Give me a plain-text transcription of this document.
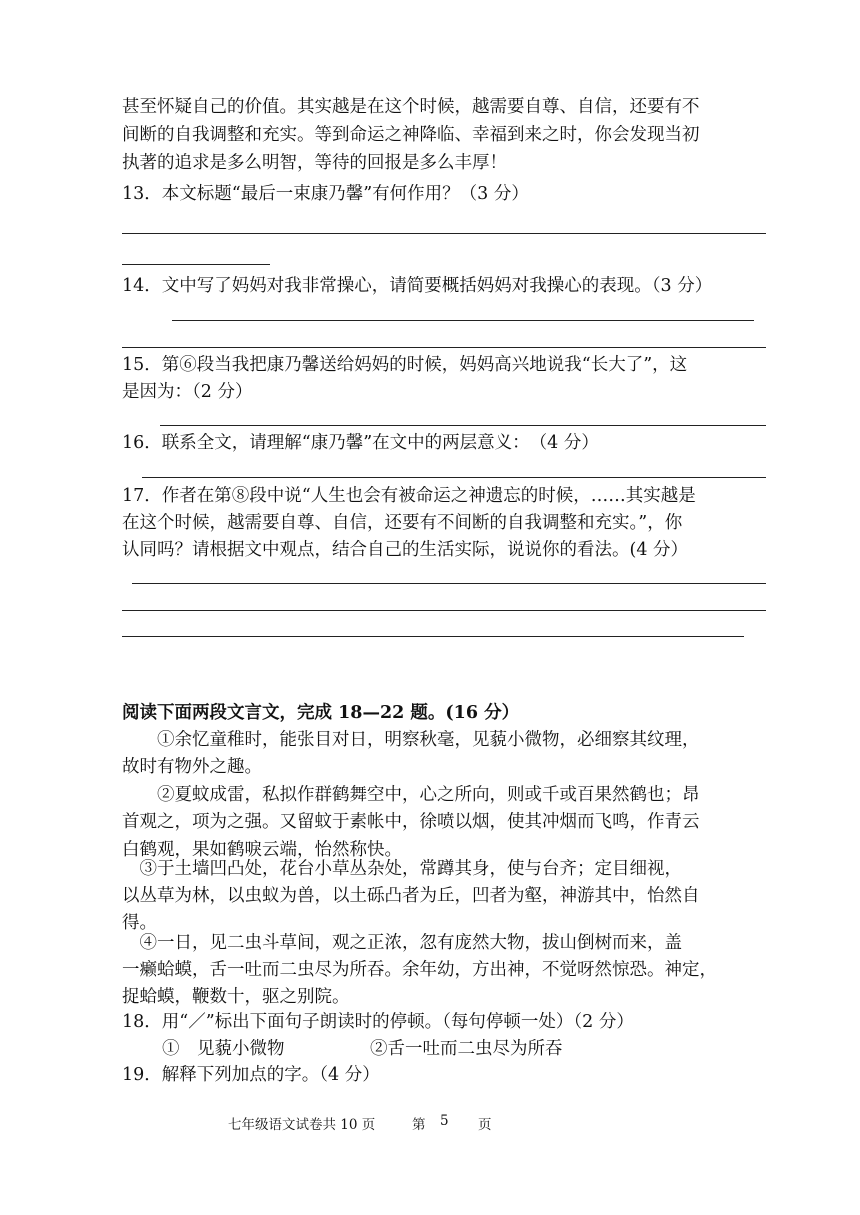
甚至怀疑自己的价值。其实越是在这个时候，越需要自尊、自信，还要有不
间断的自我调整和充实。等到命运之神降临、幸福到来之时，你会发现当初
执著的追求是多么明智，等待的回报是多么丰厚！
13．本文标题“最后一束康乃馨”有何作用？（3 分）
14．文中写了妈妈对我非常操心，请简要概括妈妈对我操心的表现。（3 分）
15．第⑥段当我把康乃馨送给妈妈的时候，妈妈高兴地说我“长大了”，这
是因为：（2 分）
16．联系全文，请理解“康乃馨”在文中的两层意义：　（4 分）
17．作者在第⑧段中说“人生也会有被命运之神遗忘的时候，……其实越是
在这个时候，越需要自尊、自信，还要有不间断的自我调整和充实。”，你
认同吗？请根据文中观点，结合自己的生活实际，说说你的看法。(4 分）
阅读下面两段文言文，完成 18—22 题。(16 分）
　　①余忆童稚时，能张目对日，明察秋毫，见藐小微物，必细察其纹理，
故时有物外之趣。
　　②夏蚊成雷，私拟作群鹤舞空中，心之所向，则或千或百果然鹤也；昂
首观之，项为之强。又留蚊于素帐中，徐喷以烟，使其冲烟而飞鸣，作青云
白鹤观，果如鹤唳云端，怡然称快。
　③于土墙凹凸处，花台小草丛杂处，常蹲其身，使与台齐；定目细视，
以丛草为林，以虫蚁为兽，以土砾凸者为丘，凹者为壑，神游其中，怡然自
得。
　④一日，见二虫斗草间，观之正浓，忽有庞然大物，拔山倒树而来，盖
一癞蛤蟆，舌一吐而二虫尽为所吞。余年幼，方出神，不觉呀然惊恐。神定，
捉蛤蟆，鞭数十，驱之别院。
18．用“／”标出下面句子朗读时的停顿。（每句停顿一处）（2 分）
①　见藐小微物	②舌一吐而二虫尽为所吞
19．解释下列加点的字。（4 分）
七年级语文试卷共 10 页	第 5 页
